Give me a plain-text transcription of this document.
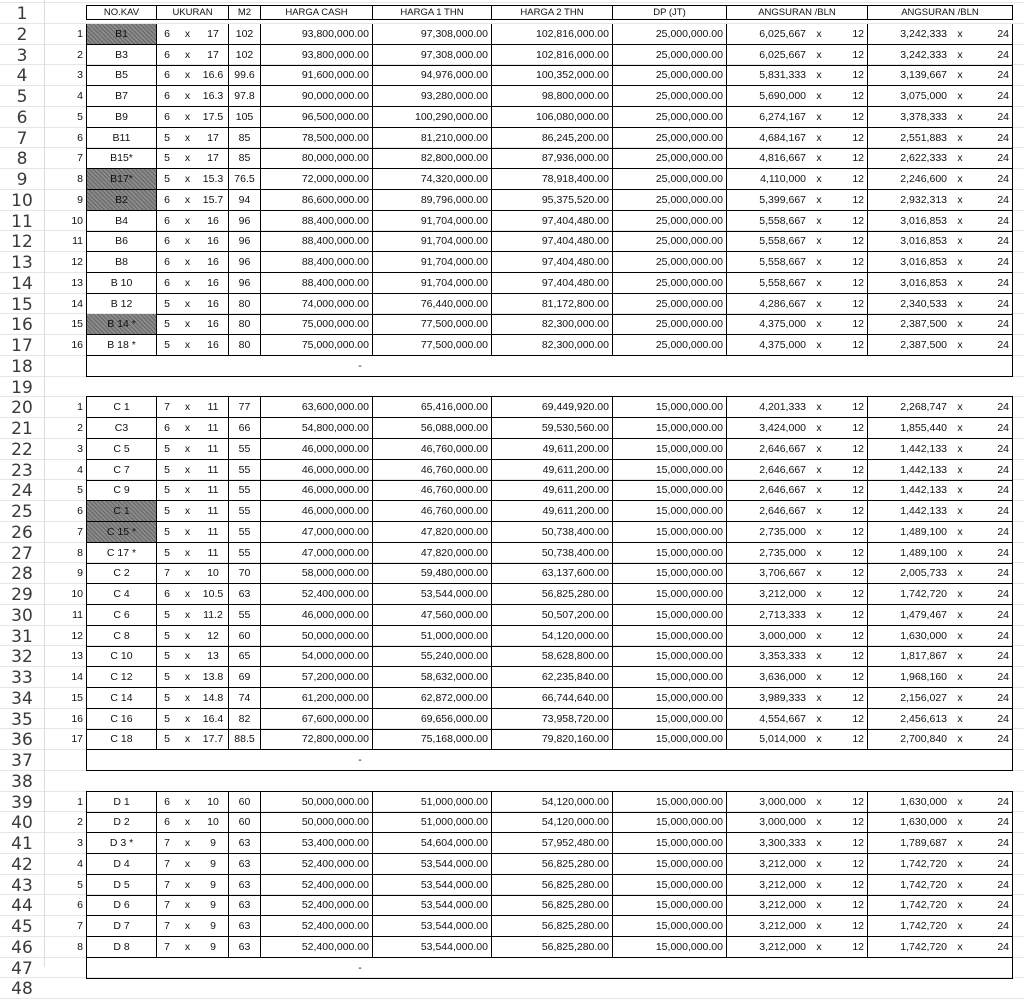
1
2
3
4
5
6
7
8
9
10
11
12
13
14
15
16
17
18
19
20
21
22
23
24
25
26
27
28
29
30
31
32
33
34
35
36
37
38
39
40
41
42
43
44
45
46
47
48
NO.KAV	UKURAN	M2	HARGA CASH	HARGA 1 THN	HARGA 2 THN	DP (JT)	ANGSURAN /BLN	ANGSURAN /BLN
1	B1	6	x	17	102	93,800,000.00	97,308,000.00	102,816,000.00	25,000,000.00	6,025,667 x	12	3,242,333 x	24
2	B3	6	x	17	102	93,800,000.00	97,308,000.00	102,816,000.00	25,000,000.00	6,025,667 x	12	3,242,333 x	24
3	B5	6	x	16.6	99.6	91,600,000.00	94,976,000.00	100,352,000.00	25,000,000.00	5,831,333 x	12	3,139,667 x	24
4	B7	6	x	16.3	97.8	90,000,000.00	93,280,000.00	98,800,000.00	25,000,000.00	5,690,000 x	12	3,075,000 x	24
5	B9	6	x	17.5	105	96,500,000.00	100,290,000.00	106,080,000.00	25,000,000.00	6,274,167 x	12	3,378,333 x	24
6	B11	5	x	17	85	78,500,000.00	81,210,000.00	86,245,200.00	25,000,000.00	4,684,167 x	12	2,551,883 x	24
7	B15*	5	x	17	85	80,000,000.00	82,800,000.00	87,936,000.00	25,000,000.00	4,816,667 x	12	2,622,333 x	24
8	B17*	5	x	15.3	76.5	72,000,000.00	74,320,000.00	78,918,400.00	25,000,000.00	4,110,000 x	12	2,246,600 x	24
9	B2	6	x	15.7	94	86,600,000.00	89,796,000.00	95,375,520.00	25,000,000.00	5,399,667 x	12	2,932,313 x	24
10	B4	6	x	16	96	88,400,000.00	91,704,000.00	97,404,480.00	25,000,000.00	5,558,667 x	12	3,016,853 x	24
11	B6	6	x	16	96	88,400,000.00	91,704,000.00	97,404,480.00	25,000,000.00	5,558,667 x	12	3,016,853 x	24
12	B8	6	x	16	96	88,400,000.00	91,704,000.00	97,404,480.00	25,000,000.00	5,558,667 x	12	3,016,853 x	24
13	B 10	6	x	16	96	88,400,000.00	91,704,000.00	97,404,480.00	25,000,000.00	5,558,667 x	12	3,016,853 x	24
14	B 12	5	x	16	80	74,000,000.00	76,440,000.00	81,172,800.00	25,000,000.00	4,286,667 x	12	2,340,533 x	24
15	B 14 *	5	x	16	80	75,000,000.00	77,500,000.00	82,300,000.00	25,000,000.00	4,375,000 x	12	2,387,500 x	24
16	B 18 *	5	x	16	80	75,000,000.00	77,500,000.00	82,300,000.00	25,000,000.00	4,375,000 x	12	2,387,500 x	24
-
1	C 1	7	x	11	77	63,600,000.00	65,416,000.00	69,449,920.00	15,000,000.00	4,201,333 x	12	2,268,747 x	24
2	C3	6	x	11	66	54,800,000.00	56,088,000.00	59,530,560.00	15,000,000.00	3,424,000 x	12	1,855,440 x	24
3	C 5	5	x	11	55	46,000,000.00	46,760,000.00	49,611,200.00	15,000,000.00	2,646,667 x	12	1,442,133 x	24
4	C 7	5	x	11	55	46,000,000.00	46,760,000.00	49,611,200.00	15,000,000.00	2,646,667 x	12	1,442,133 x	24
5	C 9	5	x	11	55	46,000,000.00	46,760,000.00	49,611,200.00	15,000,000.00	2,646,667 x	12	1,442,133 x	24
6	C 1	5	x	11	55	46,000,000.00	46,760,000.00	49,611,200.00	15,000,000.00	2,646,667 x	12	1,442,133 x	24
7	C 15 *	5	x	11	55	47,000,000.00	47,820,000.00	50,738,400.00	15,000,000.00	2,735,000 x	12	1,489,100 x	24
8	C 17 *	5	x	11	55	47,000,000.00	47,820,000.00	50,738,400.00	15,000,000.00	2,735,000 x	12	1,489,100 x	24
9	C 2	7	x	10	70	58,000,000.00	59,480,000.00	63,137,600.00	15,000,000.00	3,706,667 x	12	2,005,733 x	24
10	C 4	6	x	10.5	63	52,400,000.00	53,544,000.00	56,825,280.00	15,000,000.00	3,212,000 x	12	1,742,720 x	24
11	C 6	5	x	11.2	55	46,000,000.00	47,560,000.00	50,507,200.00	15,000,000.00	2,713,333 x	12	1,479,467 x	24
12	C 8	5	x	12	60	50,000,000.00	51,000,000.00	54,120,000.00	15,000,000.00	3,000,000 x	12	1,630,000 x	24
13	C 10	5	x	13	65	54,000,000.00	55,240,000.00	58,628,800.00	15,000,000.00	3,353,333 x	12	1,817,867 x	24
14	C 12	5	x	13.8	69	57,200,000.00	58,632,000.00	62,235,840.00	15,000,000.00	3,636,000 x	12	1,968,160 x	24
15	C 14	5	x	14.8	74	61,200,000.00	62,872,000.00	66,744,640.00	15,000,000.00	3,989,333 x	12	2,156,027 x	24
16	C 16	5	x	16.4	82	67,600,000.00	69,656,000.00	73,958,720.00	15,000,000.00	4,554,667 x	12	2,456,613 x	24
17	C 18	5	x	17.7	88.5	72,800,000.00	75,168,000.00	79,820,160.00	15,000,000.00	5,014,000 x	12	2,700,840 x	24
-
1	D 1	6	x	10	60	50,000,000.00	51,000,000.00	54,120,000.00	15,000,000.00	3,000,000 x	12	1,630,000 x	24
2	D 2	6	x	10	60	50,000,000.00	51,000,000.00	54,120,000.00	15,000,000.00	3,000,000 x	12	1,630,000 x	24
3	D 3 *	7	x	9	63	53,400,000.00	54,604,000.00	57,952,480.00	15,000,000.00	3,300,333 x	12	1,789,687 x	24
4	D 4	7	x	9	63	52,400,000.00	53,544,000.00	56,825,280.00	15,000,000.00	3,212,000 x	12	1,742,720 x	24
5	D 5	7	x	9	63	52,400,000.00	53,544,000.00	56,825,280.00	15,000,000.00	3,212,000 x	12	1,742,720 x	24
6	D 6	7	x	9	63	52,400,000.00	53,544,000.00	56,825,280.00	15,000,000.00	3,212,000 x	12	1,742,720 x	24
7	D 7	7	x	9	63	52,400,000.00	53,544,000.00	56,825,280.00	15,000,000.00	3,212,000 x	12	1,742,720 x	24
8	D 8	7	x	9	63	52,400,000.00	53,544,000.00	56,825,280.00	15,000,000.00	3,212,000 x	12	1,742,720 x	24
-
